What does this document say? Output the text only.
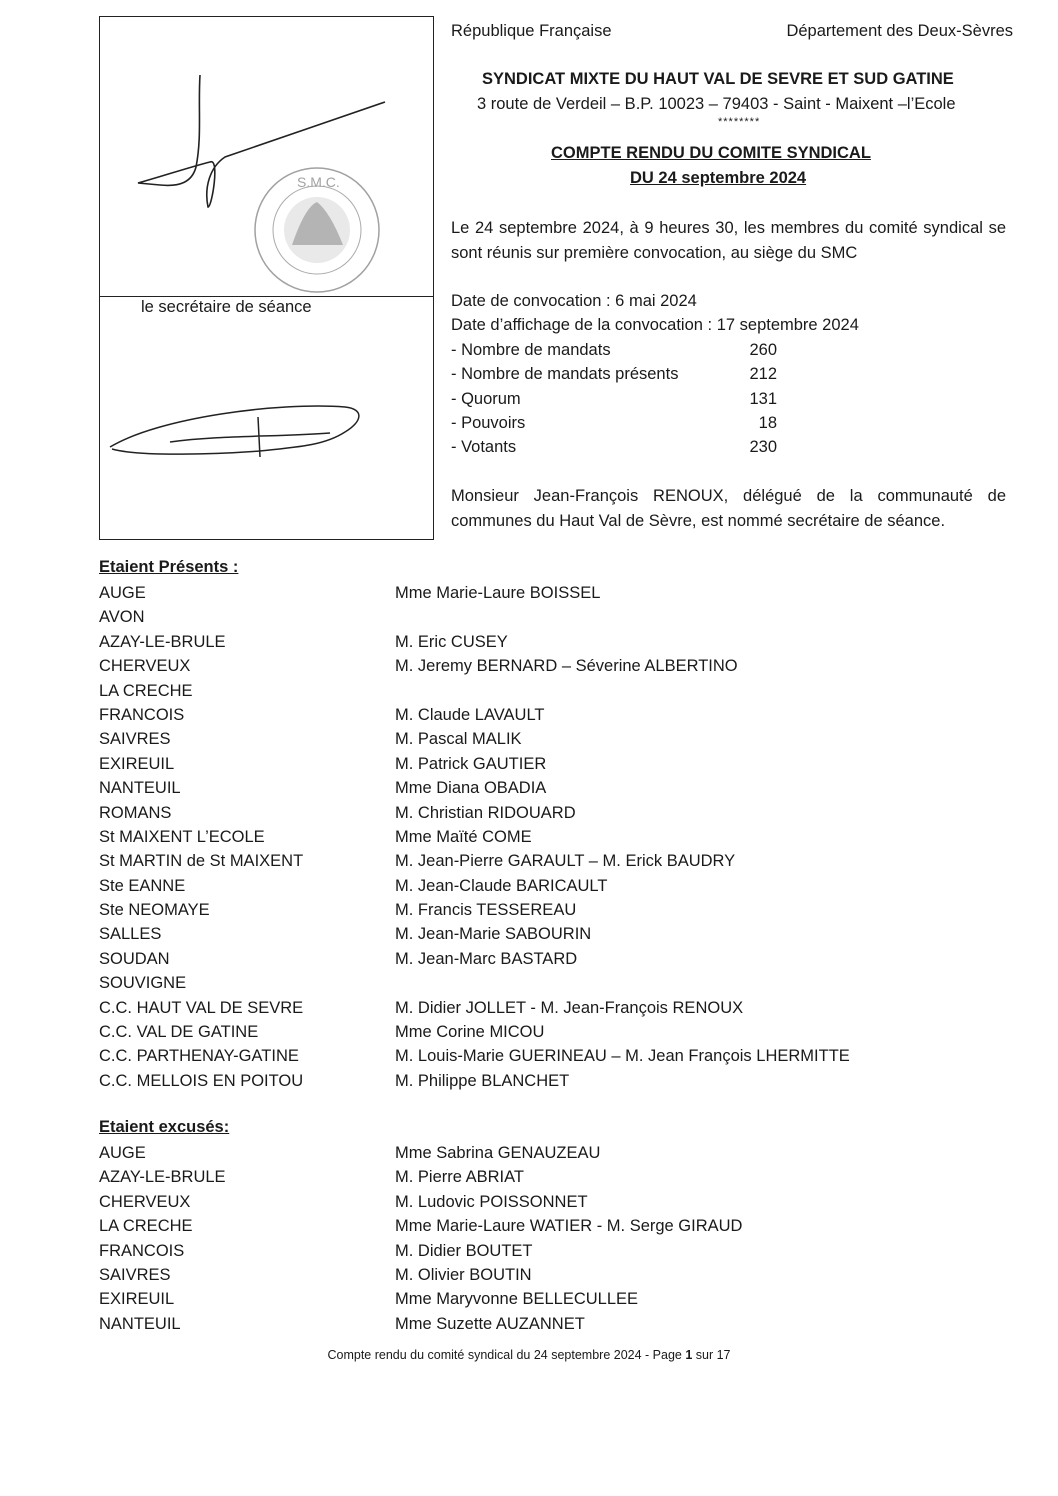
S.M.C.
le secrétaire de séance
République Française	Département des Deux-Sèvres
SYNDICAT MIXTE DU HAUT VAL DE SEVRE ET SUD GATINE
3 route de Verdeil – B.P. 10023 – 79403 - Saint - Maixent –l’Ecole
********
COMPTE RENDU DU COMITE SYNDICAL
DU 24 septembre 2024
Le 24 septembre 2024, à 9 heures 30, les membres du comité syndical se sont réunis sur première convocation, au siège du SMC
Date de convocation : 6 mai 2024
Date d’affichage de la convocation : 17 septembre 2024
- Nombre de mandats	260
- Nombre de mandats présents	212
- Quorum	131
- Pouvoirs	18
- Votants	230
Monsieur Jean-François RENOUX, délégué de la communauté de communes du Haut Val de Sèvre, est nommé secrétaire de séance.
Etaient Présents :
AUGE	Mme Marie-Laure BOISSEL
AVON
AZAY-LE-BRULE	M. Eric CUSEY
CHERVEUX	M. Jeremy BERNARD – Séverine ALBERTINO
LA CRECHE
FRANCOIS	M. Claude LAVAULT
SAIVRES	M. Pascal MALIK
EXIREUIL	M. Patrick GAUTIER
NANTEUIL	Mme Diana OBADIA
ROMANS	M. Christian RIDOUARD
St MAIXENT L’ECOLE	Mme Maïté COME
St MARTIN de St MAIXENT	M. Jean-Pierre GARAULT – M. Erick BAUDRY
Ste EANNE	M. Jean-Claude BARICAULT
Ste NEOMAYE	M. Francis TESSEREAU
SALLES	M. Jean-Marie SABOURIN
SOUDAN	M. Jean-Marc BASTARD
SOUVIGNE
C.C. HAUT VAL DE SEVRE	M. Didier JOLLET - M. Jean-François RENOUX
C.C. VAL DE GATINE	Mme Corine MICOU
C.C. PARTHENAY-GATINE	M. Louis-Marie GUERINEAU – M. Jean François LHERMITTE
C.C. MELLOIS EN POITOU	M. Philippe BLANCHET
Etaient excusés:
AUGE	Mme Sabrina GENAUZEAU
AZAY-LE-BRULE	M. Pierre ABRIAT
CHERVEUX	M. Ludovic POISSONNET
LA CRECHE	Mme Marie-Laure WATIER - M. Serge GIRAUD
FRANCOIS	M. Didier BOUTET
SAIVRES	M. Olivier BOUTIN
EXIREUIL	Mme Maryvonne BELLECULLEE
NANTEUIL	Mme Suzette AUZANNET
Compte rendu du comité syndical du 24 septembre 2024 - Page 1 sur 17
